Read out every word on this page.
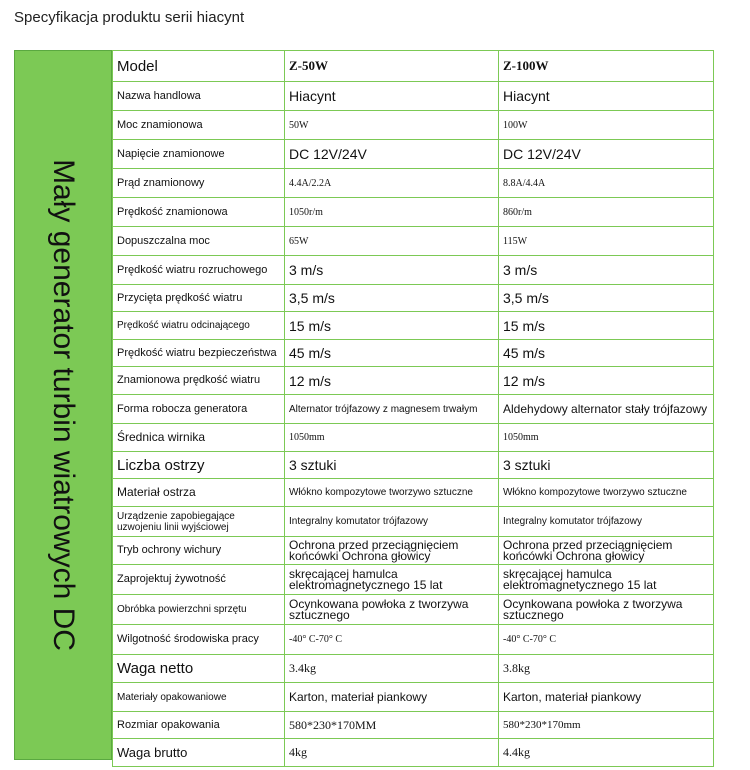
Specyfikacja produktu serii hiacynt
Mały generator turbin wiatrowych DC
Model	Z-50W	Z-100W
Nazwa handlowa	Hiacynt	Hiacynt
Moc znamionowa	50W	100W
Napięcie znamionowe	DC 12V/24V	DC 12V/24V
Prąd znamionowy	4.4A/2.2A	8.8A/4.4A
Prędkość znamionowa	1050r/m	860r/m
Dopuszczalna moc	65W	115W
Prędkość wiatru rozruchowego	3 m/s	3 m/s
Przycięta prędkość wiatru	3,5 m/s	3,5 m/s
Prędkość wiatru odcinającego	15 m/s	15 m/s
Prędkość wiatru bezpieczeństwa	45 m/s	45 m/s
Znamionowa prędkość wiatru	12 m/s	12 m/s
Forma robocza generatora	Alternator trójfazowy z magnesem trwałym	Aldehydowy alternator stały trójfazowy
Średnica wirnika	1050mm	1050mm
Liczba ostrzy	3 sztuki	3 sztuki
Materiał ostrza	Włókno kompozytowe tworzywo sztuczne	Włókno kompozytowe tworzywo sztuczne
Urządzenie zapobiegające uzwojeniu linii wyjściowej	Integralny komutator trójfazowy	Integralny komutator trójfazowy
Tryb ochrony wichury	Ochrona przed przeciągnięciem końcówki Ochrona głowicy	Ochrona przed przeciągnięciem końcówki Ochrona głowicy
Zaprojektuj żywotność	skręcającej hamulca elektromagnetycznego 15 lat	skręcającej hamulca elektromagnetycznego 15 lat
Obróbka powierzchni sprzętu	Ocynkowana powłoka z tworzywa sztucznego	Ocynkowana powłoka z tworzywa sztucznego
Wilgotność środowiska pracy	-40° C-70° C	-40° C-70° C
Waga netto	3.4kg	3.8kg
Materiały opakowaniowe	Karton, materiał piankowy	Karton, materiał piankowy
Rozmiar opakowania	580*230*170MM	580*230*170mm
Waga brutto	4kg	4.4kg
